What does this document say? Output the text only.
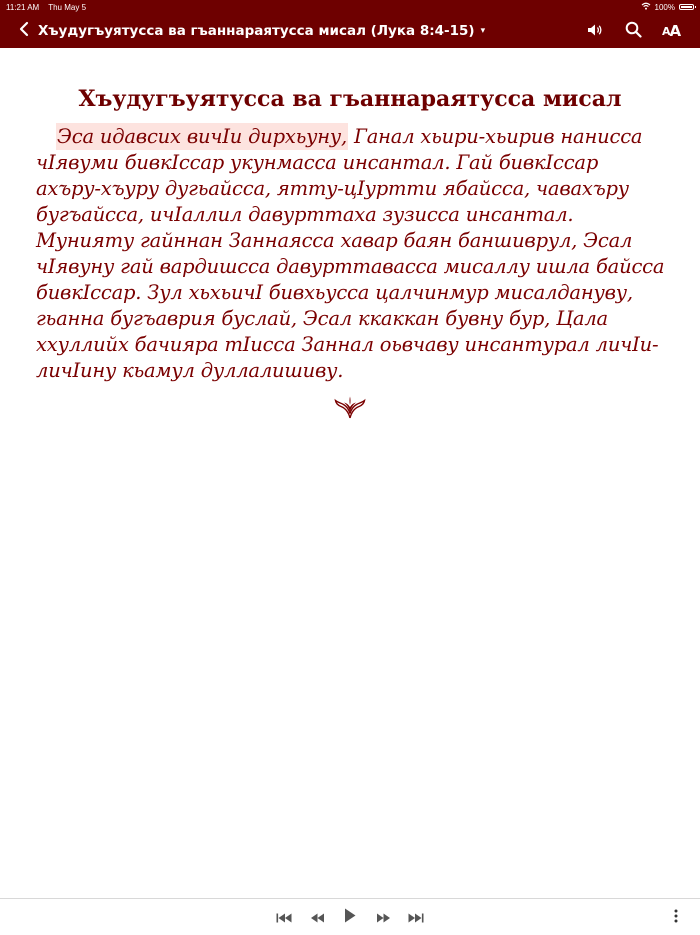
11:21 AM Thu May 5	100%
Хъудугъуятусса ва гъаннараятусса мисал (Лука 8:4-15) ▾	A A
Хъудугъуятусса ва гъаннараятусса мисал

Эса идавсих вичIи дирхьуну, Ганал хьири-хьирив нанисса чIявуми бивкIссар укунмасса инсантал. Гай бивкIссар ахъру-хъуру дугьайсса, ятту-цIуртти ябайсса, чавахъру бугъайсса, ичIаллил давурттаха зузисса инсантал. Мунияту гайннан Заннаясса хавар баян баншиврул, Эсал чIявуну гай вардишсса давурттавасса мисаллу ишла байсса бивкIссар. Зул хьхьичI бивхьусса цалчинмур мисалдануву, гьанна бугъаврия буслай, Эсал ккаккан бувну бур, Цала ххуллийх бачияра тIисса Заннал оьвчаву инсантурал личIи-личIину кьамул дуллалишиву.
